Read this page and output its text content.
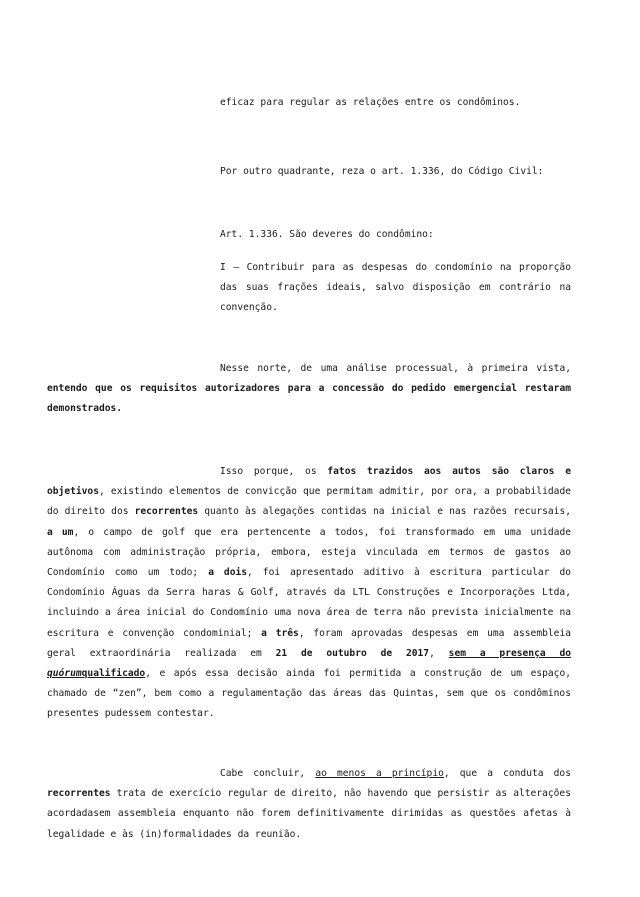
eficaz para regular as relações entre os condôminos.

Por outro quadrante, reza o art. 1.336, do Código Civil:

Art. 1.336. São deveres do condômino:

I – Contribuir para as despesas do condomínio na proporção das suas frações ideais, salvo disposição em contrário na convenção.

Nesse norte, de uma análise processual, à primeira vista, entendo que os requisitos autorizadores para a concessão do pedido emergencial restaram demonstrados.

Isso porque, os fatos trazidos aos autos são claros e objetivos, existindo elementos de convicção que permitam admitir, por ora, a probabilidade do direito dos recorrentes quanto às alegações contidas na inicial e nas razões recursais, a um, o campo de golf que era pertencente a todos, foi transformado em uma unidade autônoma com administração própria, embora, esteja vinculada em termos de gastos ao Condomínio como um todo; a dois, foi apresentado aditivo à escritura particular do Condomínio Águas da Serra haras & Golf, através da LTL Construções e Incorporações Ltda, incluindo a área inicial do Condomínio uma nova área de terra não prevista inicialmente na escritura e convenção condominial; a três, foram aprovadas despesas em uma assembleia geral extraordinária realizada em 21 de outubro de 2017, sem a presença do quórumqualificado, e após essa decisão ainda foi permitida a construção de um espaço, chamado de “zen”, bem como a regulamentação das áreas das Quintas, sem que os condôminos presentes pudessem contestar.

Cabe concluir, ao menos a princípio, que a conduta dos recorrentes trata de exercício regular de direito, não havendo que persistir as alterações acordadasem assembleia enquanto não forem definitivamente dirimidas as questões afetas à legalidade e às (in)formalidades da reunião.
